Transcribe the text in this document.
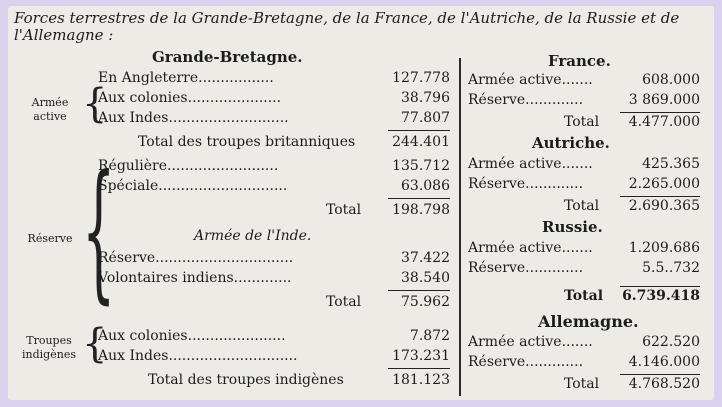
Forces terrestres de la Grande-Bretagne, de la France, de l'Autriche, de la Russie et de l'Allemagne :
Grande-Bretagne.
Armée
active {
En Angleterre.................	127.778
Aux colonies.....................	38.796
Aux Indes...........................	77.807
Total des troupes britanniques	244.401
Réserve {
Régulière.........................	135.712
Spéciale.............................	63.086
Total	198.798
Armée de l'Inde.
Réserve...............................	37.422
Volontaires indiens.............	38.540
Total	75.962
Troupes
indigènes {
Aux colonies......................	7.872
Aux Indes.............................	173.231
Total des troupes indigènes	181.123
France.
Armée active.......	608.000
Réserve.............	3 869.000
Total	4.477.000
Autriche.
Armée active.......	425.365
Réserve.............	2.265.000
Total	2.690.365
Russie.
Armée active.......	1.209.686
Réserve.............	5.5..732
Total	6.739.418
Allemagne.
Armée active.......	622.520
Réserve.............	4.146.000
Total	4.768.520
